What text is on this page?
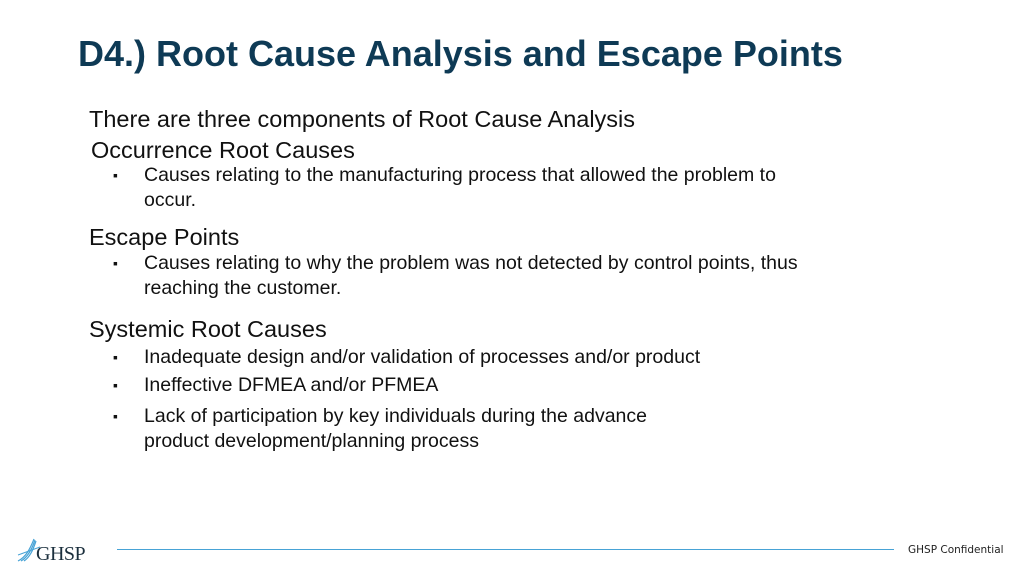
D4.) Root Cause Analysis and Escape Points
There are three components of Root Cause Analysis
Occurrence Root Causes
▪ Causes relating to the manufacturing process that allowed the problem to occur.
Escape Points
▪ Causes relating to why the problem was not detected by control points, thus reaching the customer.
Systemic Root Causes
▪ Inadequate design and/or validation of processes and/or product
▪ Ineffective DFMEA and/or PFMEA
▪ Lack of participation by key individuals during the advance product development/planning process
GHSP	GHSP Confidential
